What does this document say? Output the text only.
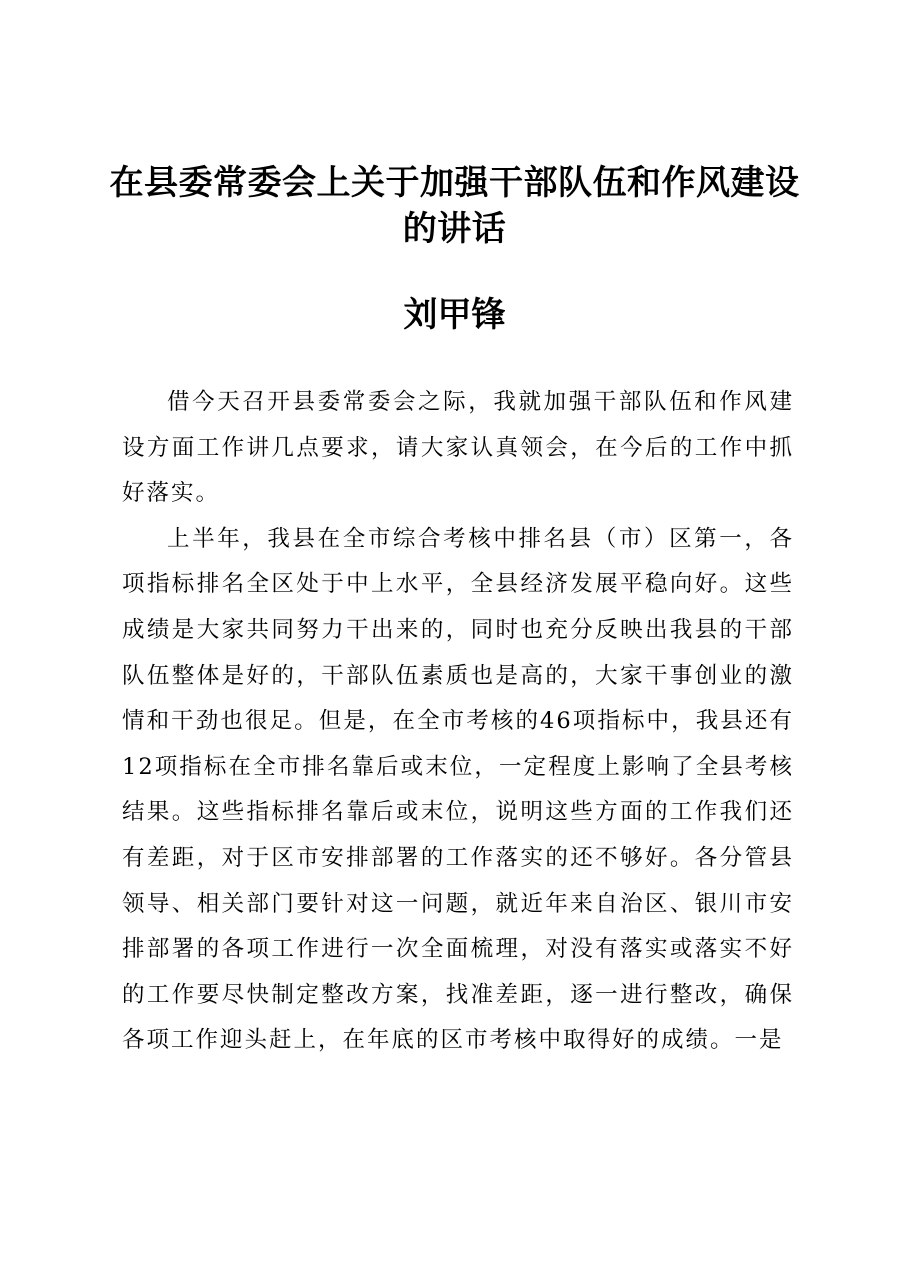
在县委常委会上关于加强干部队伍和作风建设的讲话
刘甲锋

借今天召开县委常委会之际，我就加强干部队伍和作风建设方面工作讲几点要求，请大家认真领会，在今后的工作中抓好落实。

上半年，我县在全市综合考核中排名县（市）区第一，各项指标排名全区处于中上水平，全县经济发展平稳向好。这些成绩是大家共同努力干出来的，同时也充分反映出我县的干部队伍整体是好的，干部队伍素质也是高的，大家干事创业的激情和干劲也很足。但是，在全市考核的46项指标中，我县还有12项指标在全市排名靠后或末位，一定程度上影响了全县考核结果。这些指标排名靠后或末位，说明这些方面的工作我们还有差距，对于区市安排部署的工作落实的还不够好。各分管县领导、相关部门要针对这一问题，就近年来自治区、银川市安排部署的各项工作进行一次全面梳理，对没有落实或落实不好的工作要尽快制定整改方案，找准差距，逐一进行整改，确保各项工作迎头赶上，在年底的区市考核中取得好的成绩。一是
